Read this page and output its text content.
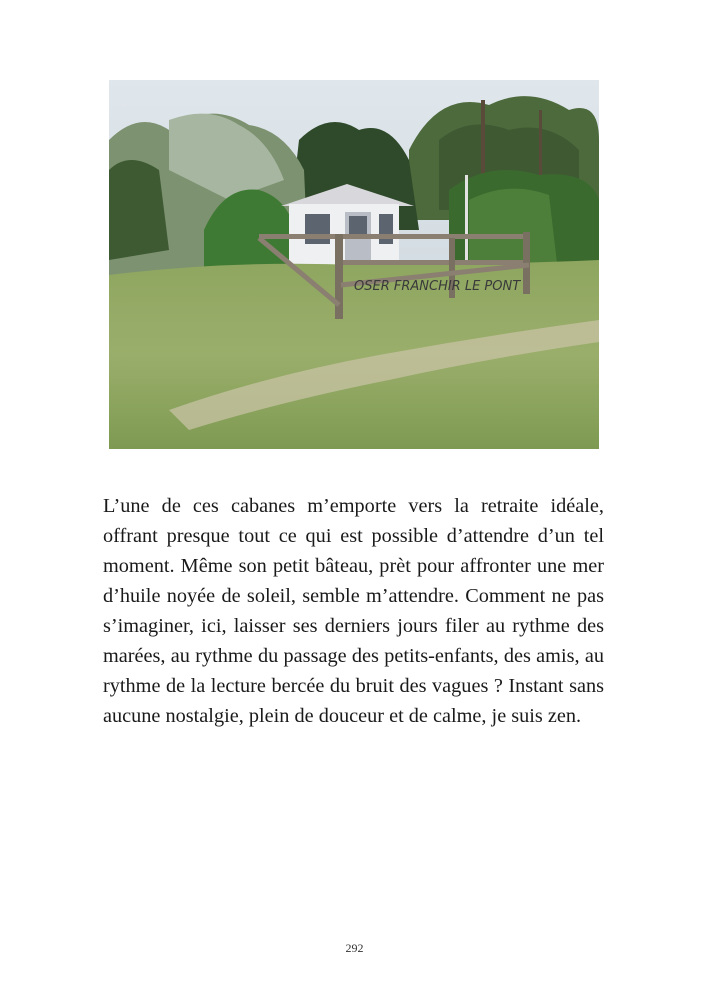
OSER FRANCHIR LE PONT

L’une de ces cabanes m’emporte vers la retraite idéale, offrant presque tout ce qui est possible d’attendre d’un tel moment. Même son petit bâteau, prèt pour affronter une mer d’huile noyée de soleil, semble m’attendre. Comment ne pas s’imaginer, ici, laisser ses derniers jours filer au rythme des marées, au rythme du passage des petits-enfants, des amis, au rythme de la lecture bercée du bruit des vagues ? Instant sans aucune nostalgie, plein de douceur et de calme, je suis zen.

292
